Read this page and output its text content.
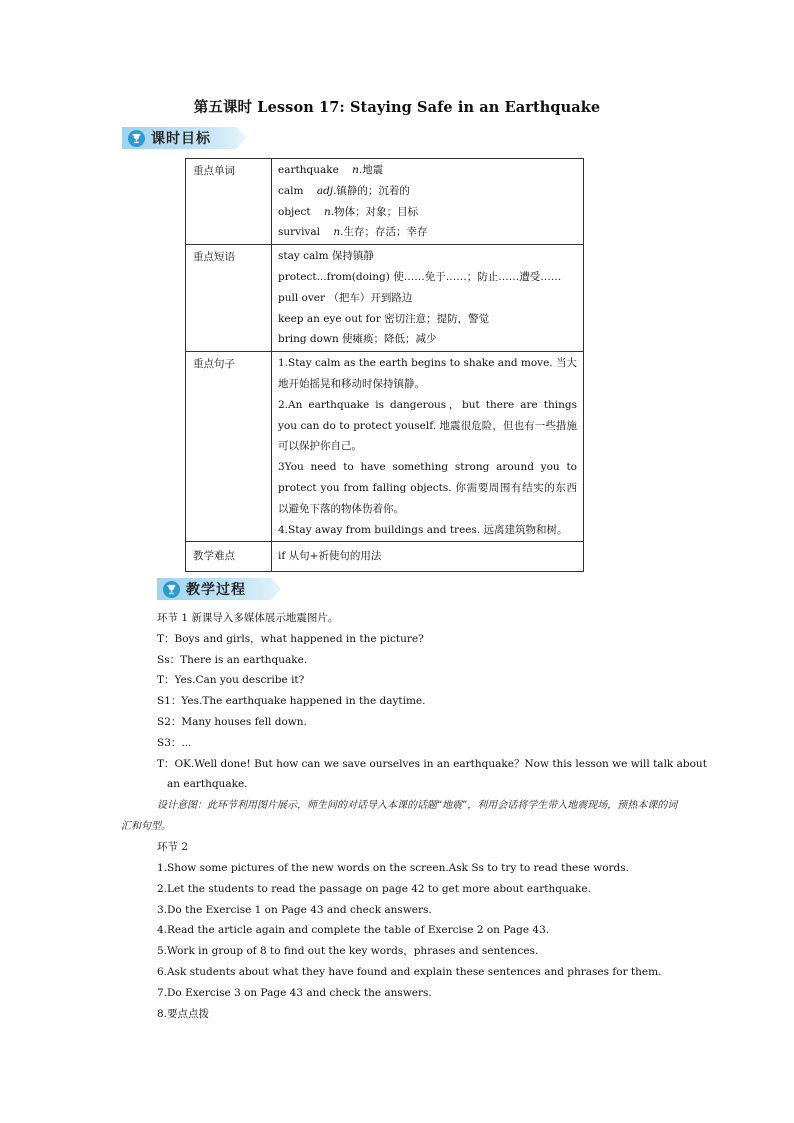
第五课时 Lesson 17: Staying Safe in an Earthquake
课时目标
重点单词	earthquake n.地震
calm adj.镇静的；沉着的
object n.物体；对象；目标
survival n.生存；存活；幸存

重点短语	stay calm 保持镇静
protect...from(doing) 使……免于……；防止……遭受……
pull over （把车）开到路边
keep an eye out for 密切注意；提防，警觉
bring down 使瘫痪；降低；减少

重点句子	1.Stay calm as the earth begins to shake and move. 当大地开始摇晃和移动时保持镇静。
2.An earthquake is dangerous，but there are things you can do to protect youself. 地震很危险，但也有一些措施可以保护你自己。
3You need to have something strong around you to protect you from falling objects. 你需要周围有结实的东西以避免下落的物体伤着你。
4.Stay away from buildings and trees. 远离建筑物和树。

教学难点	if 从句+祈使句的用法
教学过程
环节 1 新课导入多媒体展示地震图片。
T：Boys and girls，what happened in the picture?
Ss：There is an earthquake.
T：Yes.Can you describe it?
S1：Yes.The earthquake happened in the daytime.
S2：Many houses fell down.
S3：...
T：OK.Well done! But how can we save ourselves in an earthquake？Now this lesson we will talk about
an earthquake.
设计意图：此环节利用图片展示，师生间的对话导入本课的话题“地震”，利用会话将学生带入地震现场，预热本课的词汇和句型。
环节 2
1.Show some pictures of the new words on the screen.Ask Ss to try to read these words.
2.Let the students to read the passage on page 42 to get more about earthquake.
3.Do the Exercise 1 on Page 43 and check answers.
4.Read the article again and complete the table of Exercise 2 on Page 43.
5.Work in group of 8 to find out the key words，phrases and sentences.
6.Ask students about what they have found and explain these sentences and phrases for them.
7.Do Exercise 3 on Page 43 and check the answers.
8.要点点拨
